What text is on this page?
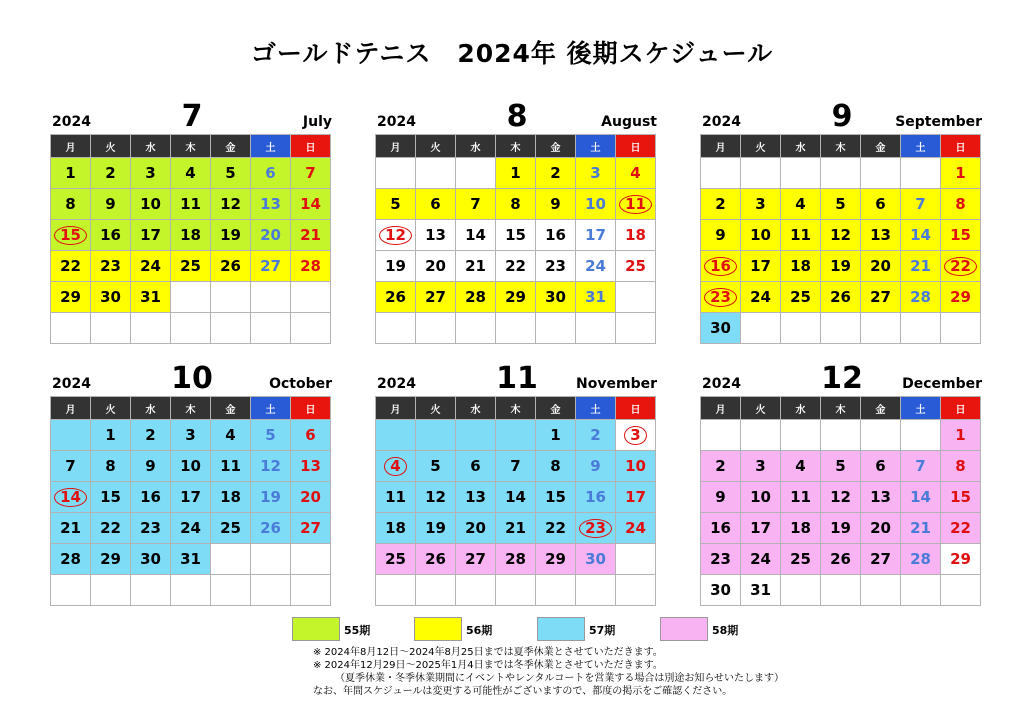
ゴールドテニス　2024年 後期スケジュール
2024	7	July
月	火	水	木	金	土	日
1	2	3	4	5	6	7
8	9	10	11	12	13	14
15	16	17	18	19	20	21
22	23	24	25	26	27	28
29	30	31				

2024	8	August
月	火	水	木	金	土	日
			1	2	3	4
5	6	7	8	9	10	11
12	13	14	15	16	17	18
19	20	21	22	23	24	25
26	27	28	29	30	31	

2024	9	September
月	火	水	木	金	土	日
						1
2	3	4	5	6	7	8
9	10	11	12	13	14	15
16	17	18	19	20	21	22
23	24	25	26	27	28	29
30						
2024	10	October
月	火	水	木	金	土	日
	1	2	3	4	5	6
7	8	9	10	11	12	13
14	15	16	17	18	19	20
21	22	23	24	25	26	27
28	29	30	31			

2024	11	November
月	火	水	木	金	土	日
				1	2	3
4	5	6	7	8	9	10
11	12	13	14	15	16	17
18	19	20	21	22	23	24
25	26	27	28	29	30	

2024	12	December
月	火	水	木	金	土	日
						1
2	3	4	5	6	7	8
9	10	11	12	13	14	15
16	17	18	19	20	21	22
23	24	25	26	27	28	29
30	31					
55期	56期	57期	58期
※ 2024年8月12日～2024年8月25日までは夏季休業とさせていただきます。
※ 2024年12月29日～2025年1月4日までは冬季休業とさせていただきます。
（夏季休業・冬季休業期間にイベントやレンタルコートを営業する場合は別途お知らせいたします）
なお、年間スケジュールは変更する可能性がございますので、都度の掲示をご確認ください。
